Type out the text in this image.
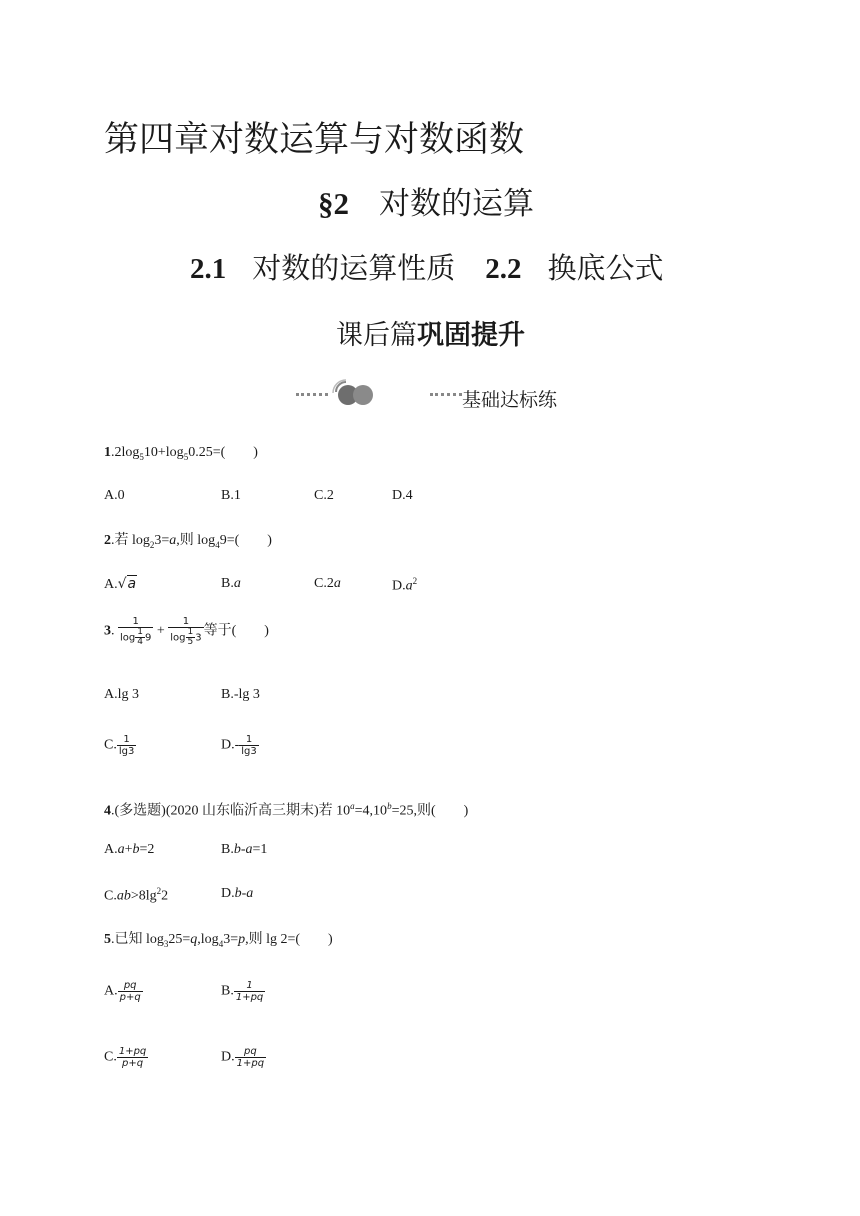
第四章对数运算与对数函数
§2 对数的运算
2.1 对数的运算性质 2.2 换底公式
课后篇巩固提升
基础达标练
$1.2\log_510+\log_50.25=$(　　)
A.0	B.1	C.2	D.4
2.若 $\log_23=a$,则 $\log_49=$(　　)
A.√a	B.a	C.2a	$D.a^2$
3. $\frac{1}{\log \frac{1}{4} 9} + \frac{1}{\log \frac{1}{5} 3}$ 等于(　　)
A.lg 3	B.-lg 3
C. $\frac{1}{\lg 3}$	$D.- \frac{1}{\lg 3}$
4.(多选题)(2020 山东临沂高三期末)若 $10^a=4,10^b=25$,则(　　)
A.a+b=2	B.b-a=1
$C.ab>8\lg^22$	D.b-a
5.已知 $\log_325=q,\log_43=p$,则 lg 2=(　　)
A. $\frac{pq}{p+q}$	B. $\frac{1}{1+pq}$
C. $\frac{1+pq}{p+q}$	D. $\frac{pq}{1+pq}$
